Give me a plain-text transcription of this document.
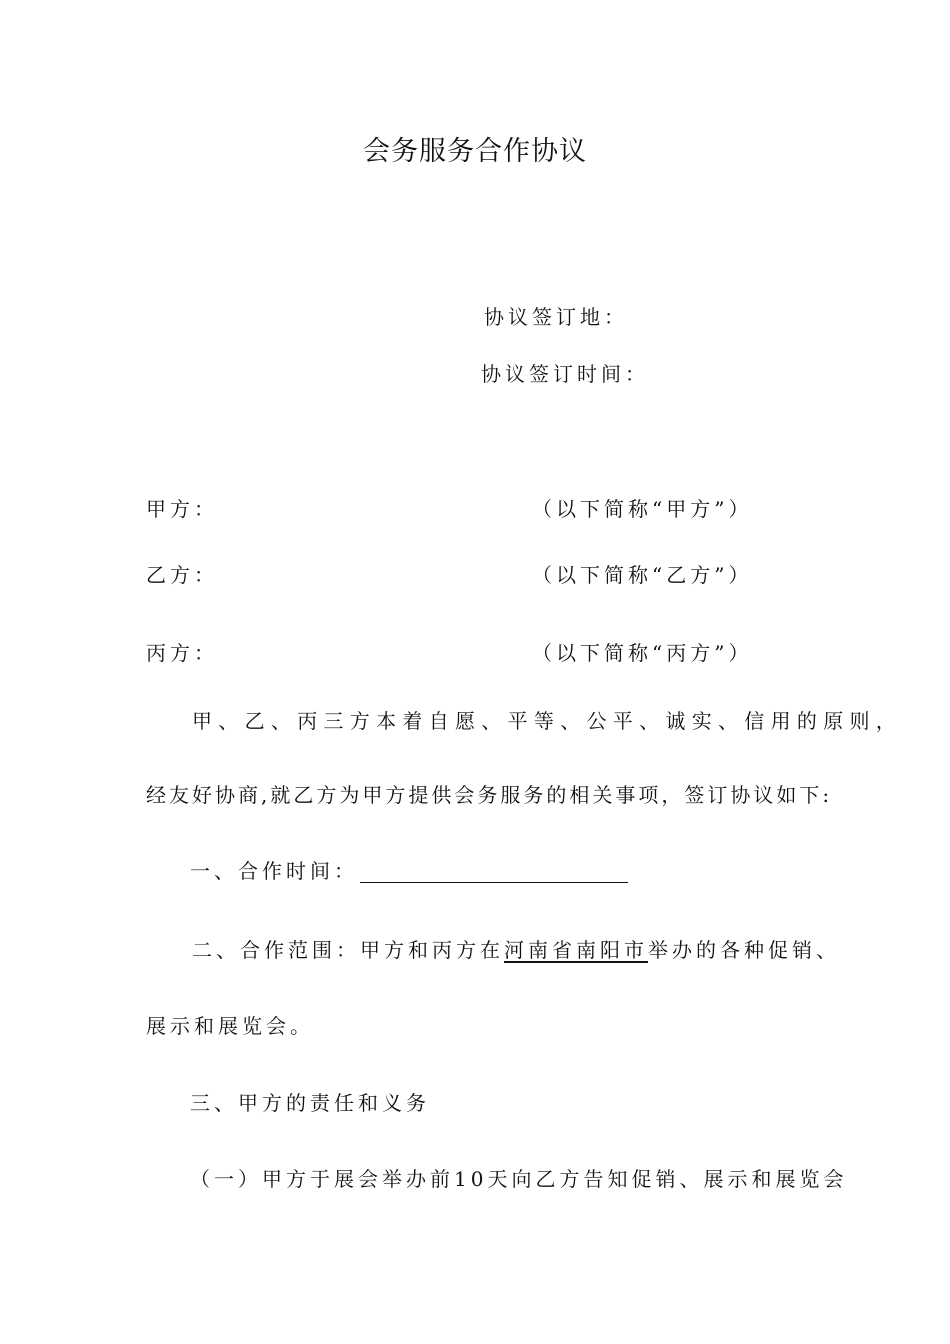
会务服务合作协议
协议签订地：
协议签订时间：
甲方：	（以下简称“甲方”）
乙方：	（以下简称“乙方”）
丙方：	（以下简称“丙方”）
甲、乙、丙三方本着自愿、平等、公平、诚实、信用的原则，
经友好协商,就乙方为甲方提供会务服务的相关事项，签订协议如下:
一、合作时间：
二、合作范围：甲方和丙方在河南省南阳市举办的各种促销、
展示和展览会。
三、甲方的责任和义务
（一）甲方于展会举办前10天向乙方告知促销、展示和展览会
